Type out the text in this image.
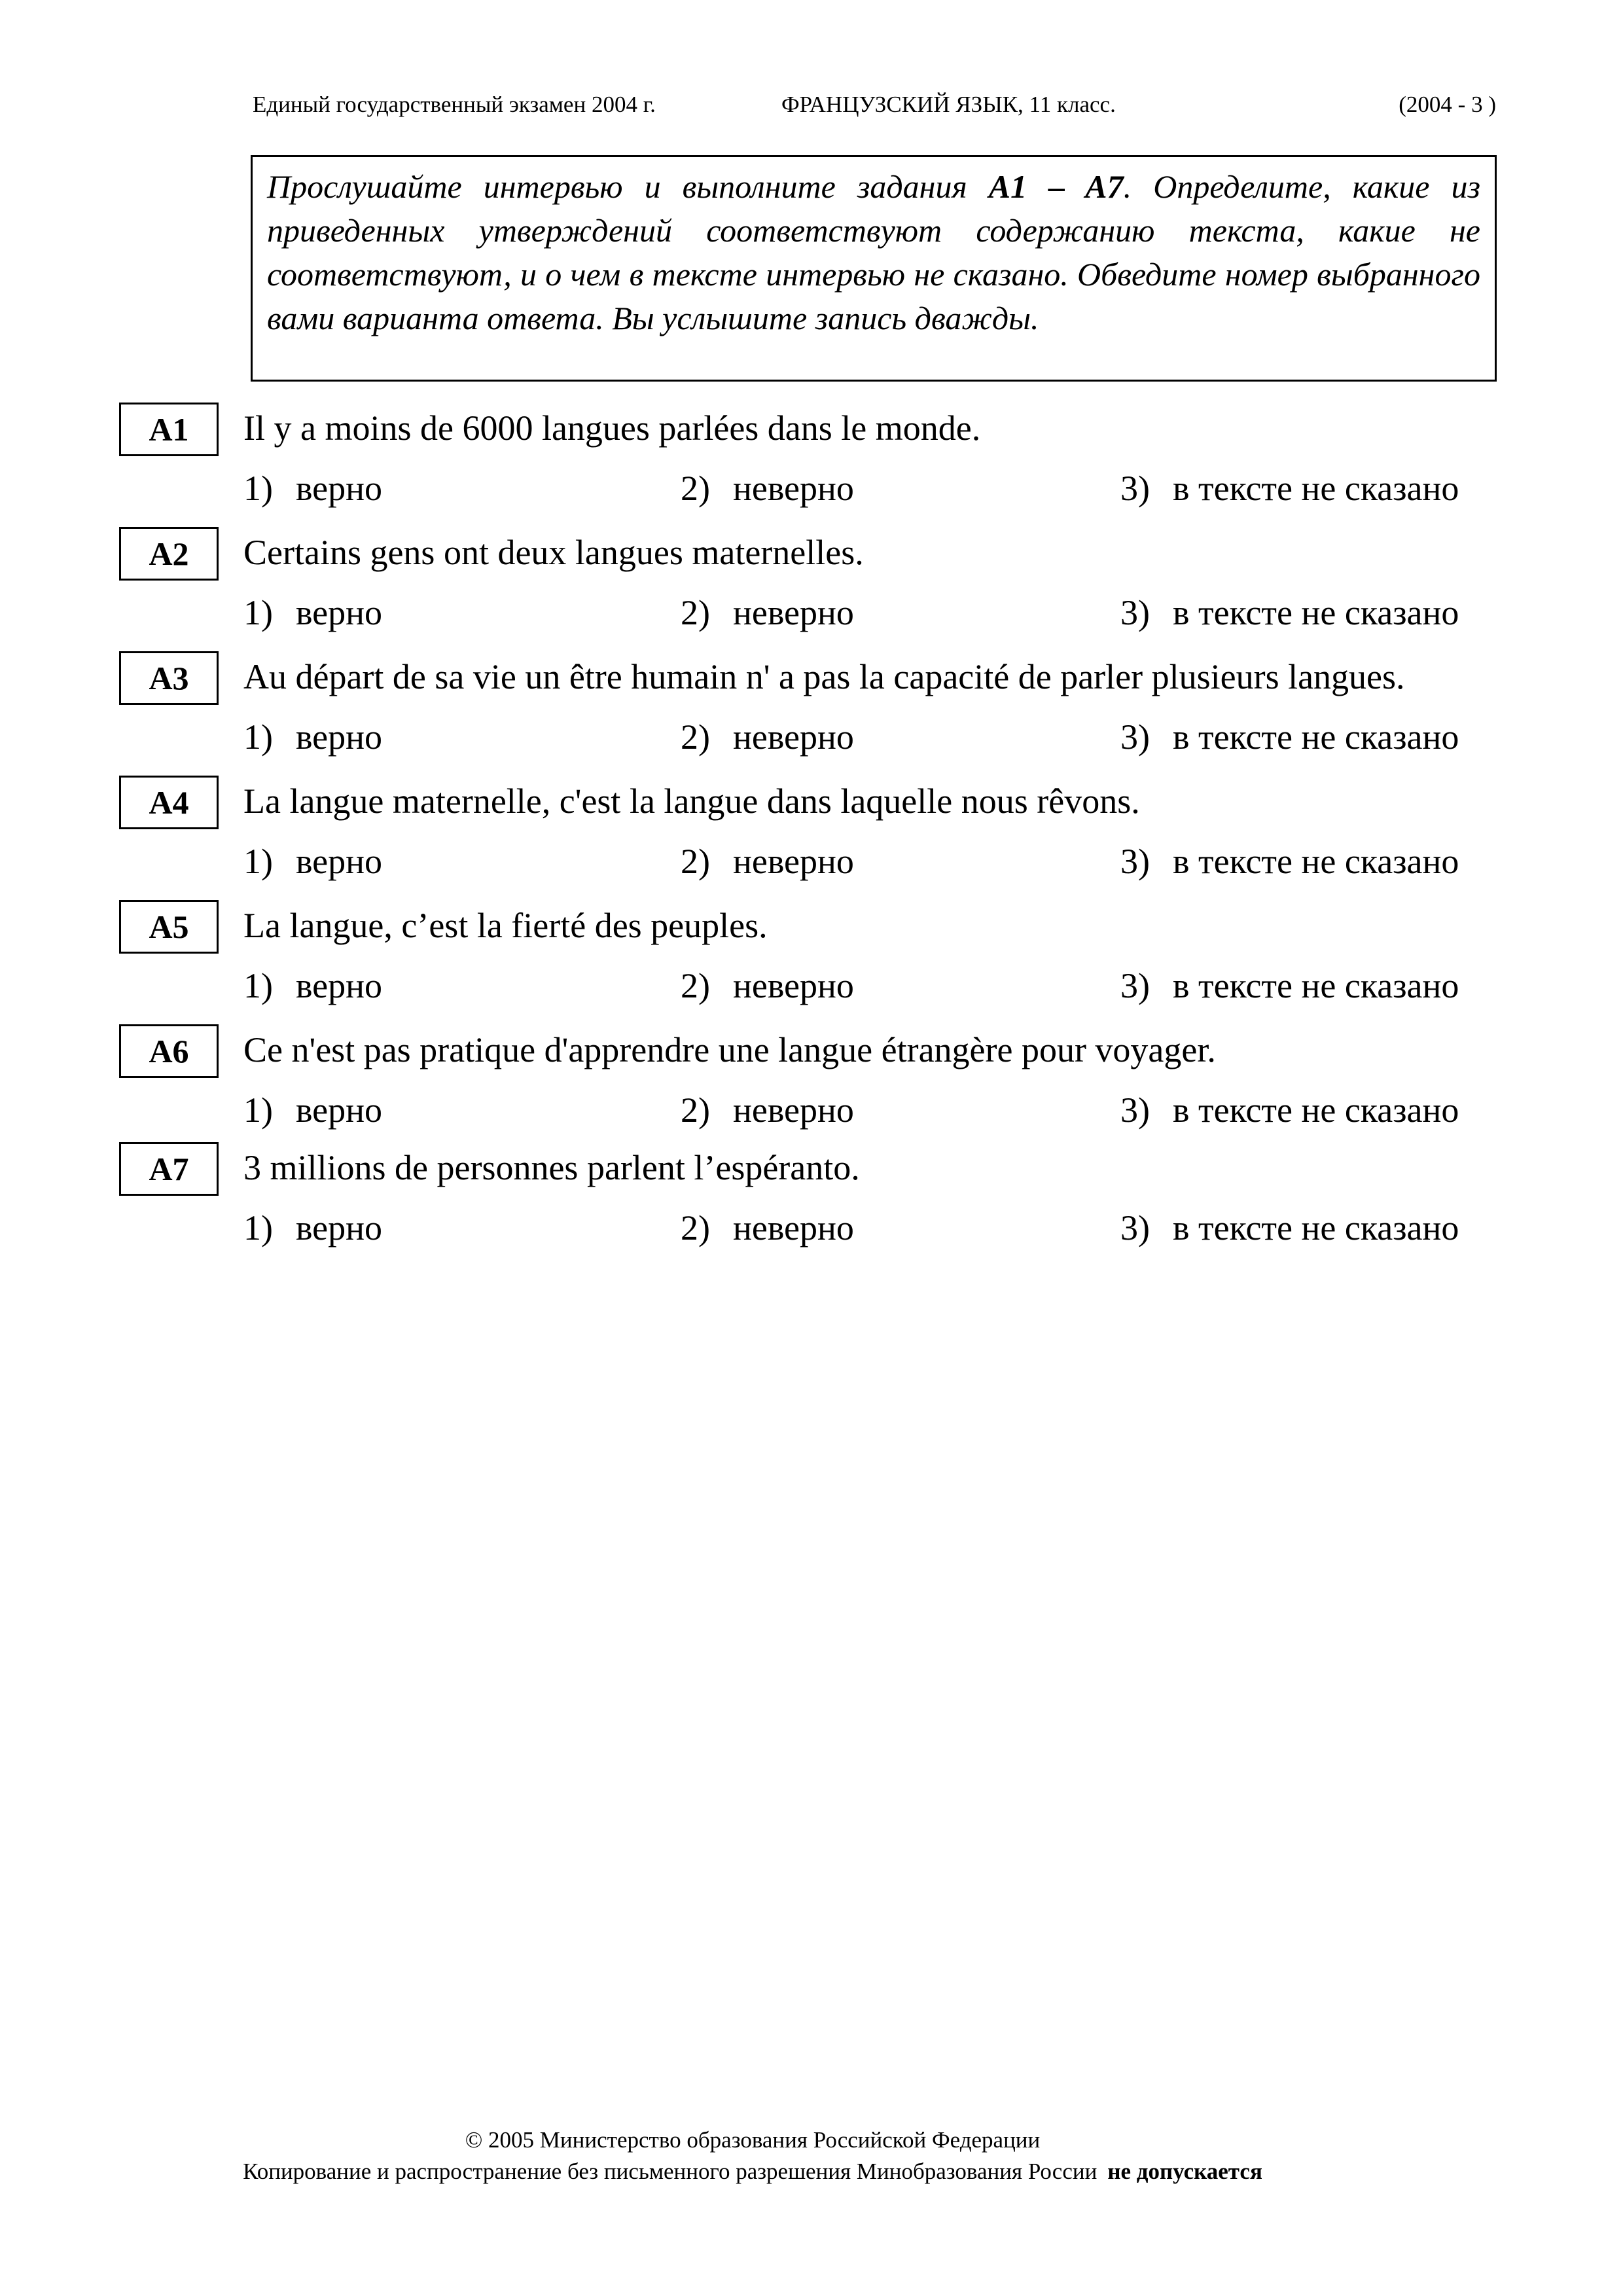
Единый государственный экзамен 2004 г.	ФРАНЦУЗСКИЙ ЯЗЫК, 11 класс.	(2004 - 3 )
Прослушайте интервью и выполните задания A1 – A7. Определите, какие из приведенных утверждений соответствуют содержанию текста, какие не соответствуют, и о чем в тексте интервью не сказано. Обведите номер выбранного вами варианта ответа. Вы услышите запись дважды.
A1	Il y a moins de 6000 langues parlées dans le monde.
1) верно	2) неверно	3) в тексте не сказано
A2	Certains gens ont deux langues maternelles.
1) верно	2) неверно	3) в тексте не сказано
A3	Au départ de sa vie un être humain n' a pas la capacité de parler plusieurs langues.
1) верно	2) неверно	3) в тексте не сказано
A4	La langue maternelle, c'est la langue dans laquelle nous rêvons.
1) верно	2) неверно	3) в тексте не сказано
A5	La langue, c’est la fierté des peuples.
1) верно	2) неверно	3) в тексте не сказано
A6	Ce n'est pas pratique d'apprendre une langue étrangère pour voyager.
1) верно	2) неверно	3) в тексте не сказано
A7	3 millions de personnes parlent l’espéranto.
1) верно	2) неверно	3) в тексте не сказано
© 2005 Министерство образования Российской Федерации
Копирование и распространение без письменного разрешения Минобразования России не допускается
